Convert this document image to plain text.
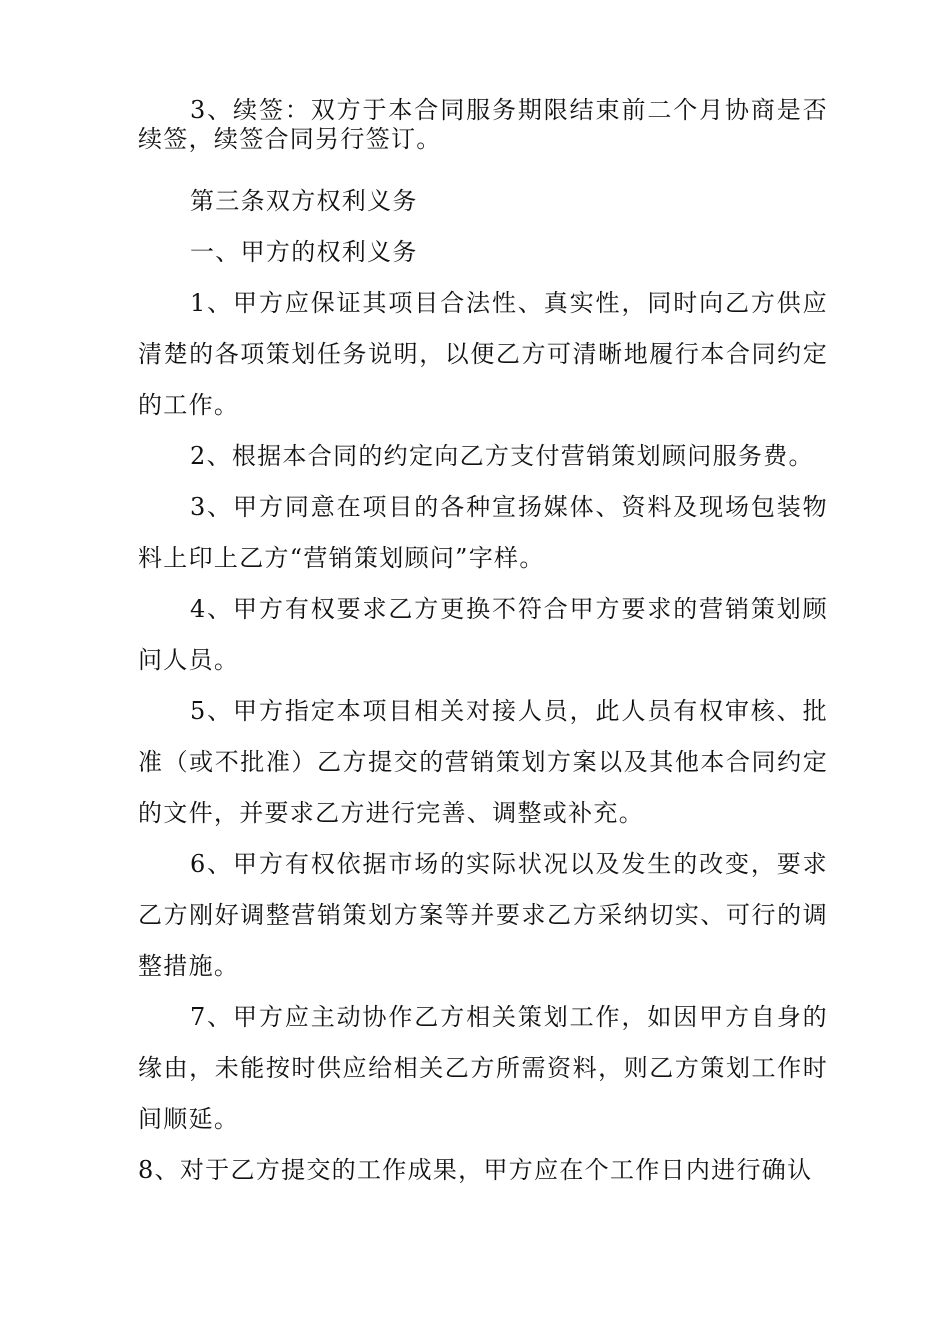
3、续签：双方于本合同服务期限结束前二个月协商是否续签，续签合同另行签订。

第三条双方权利义务

一、甲方的权利义务

1、甲方应保证其项目合法性、真实性，同时向乙方供应清楚的各项策划任务说明，以便乙方可清晰地履行本合同约定的工作。

2、根据本合同的约定向乙方支付营销策划顾问服务费。

3、甲方同意在项目的各种宣扬媒体、资料及现场包装物料上印上乙方“营销策划顾问”字样。

4、甲方有权要求乙方更换不符合甲方要求的营销策划顾问人员。

5、甲方指定本项目相关对接人员，此人员有权审核、批准（或不批准）乙方提交的营销策划方案以及其他本合同约定的文件，并要求乙方进行完善、调整或补充。

6、甲方有权依据市场的实际状况以及发生的改变，要求乙方刚好调整营销策划方案等并要求乙方采纳切实、可行的调整措施。

7、甲方应主动协作乙方相关策划工作，如因甲方自身的缘由，未能按时供应给相关乙方所需资料，则乙方策划工作时间顺延。

8、对于乙方提交的工作成果，甲方应在个工作日内进行确认
